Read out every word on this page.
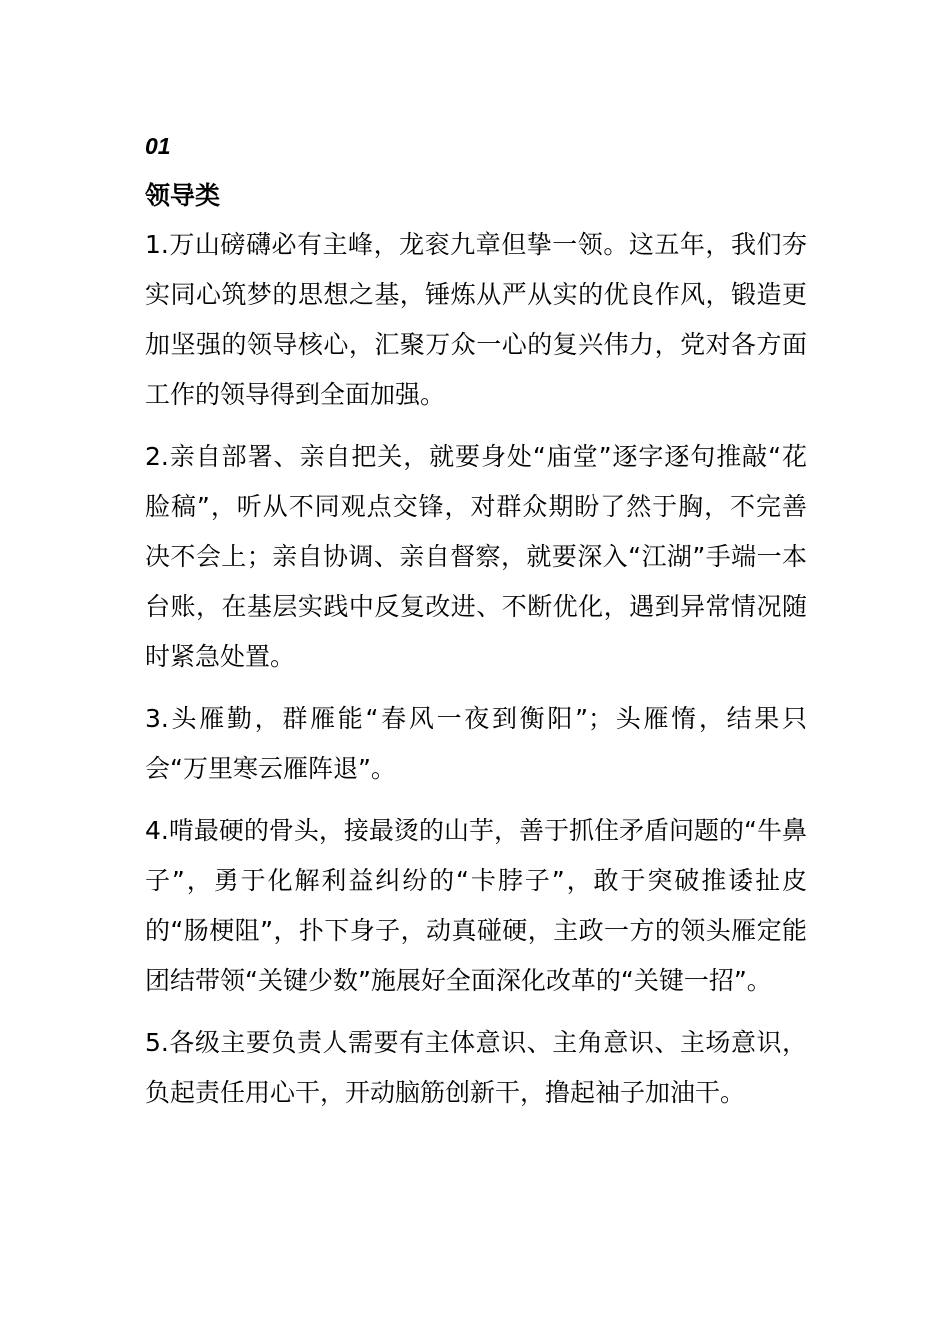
01
领导类

1.万山磅礴必有主峰，龙衮九章但挚一领。这五年，我们夯实同心筑梦的思想之基，锤炼从严从实的优良作风，锻造更加坚强的领导核心，汇聚万众一心的复兴伟力，党对各方面工作的领导得到全面加强。

2.亲自部署、亲自把关，就要身处“庙堂”逐字逐句推敲“花脸稿”，听从不同观点交锋，对群众期盼了然于胸，不完善决不会上；亲自协调、亲自督察，就要深入“江湖”手端一本台账，在基层实践中反复改进、不断优化，遇到异常情况随时紧急处置。

3.头雁勤，群雁能“春风一夜到衡阳”；头雁惰，结果只会“万里寒云雁阵退”。

4.啃最硬的骨头，接最烫的山芋，善于抓住矛盾问题的“牛鼻子”，勇于化解利益纠纷的“卡脖子”，敢于突破推诿扯皮的“肠梗阻”，扑下身子，动真碰硬，主政一方的领头雁定能团结带领“关键少数”施展好全面深化改革的“关键一招”。

5.各级主要负责人需要有主体意识、主角意识、主场意识，负起责任用心干，开动脑筋创新干，撸起袖子加油干。
